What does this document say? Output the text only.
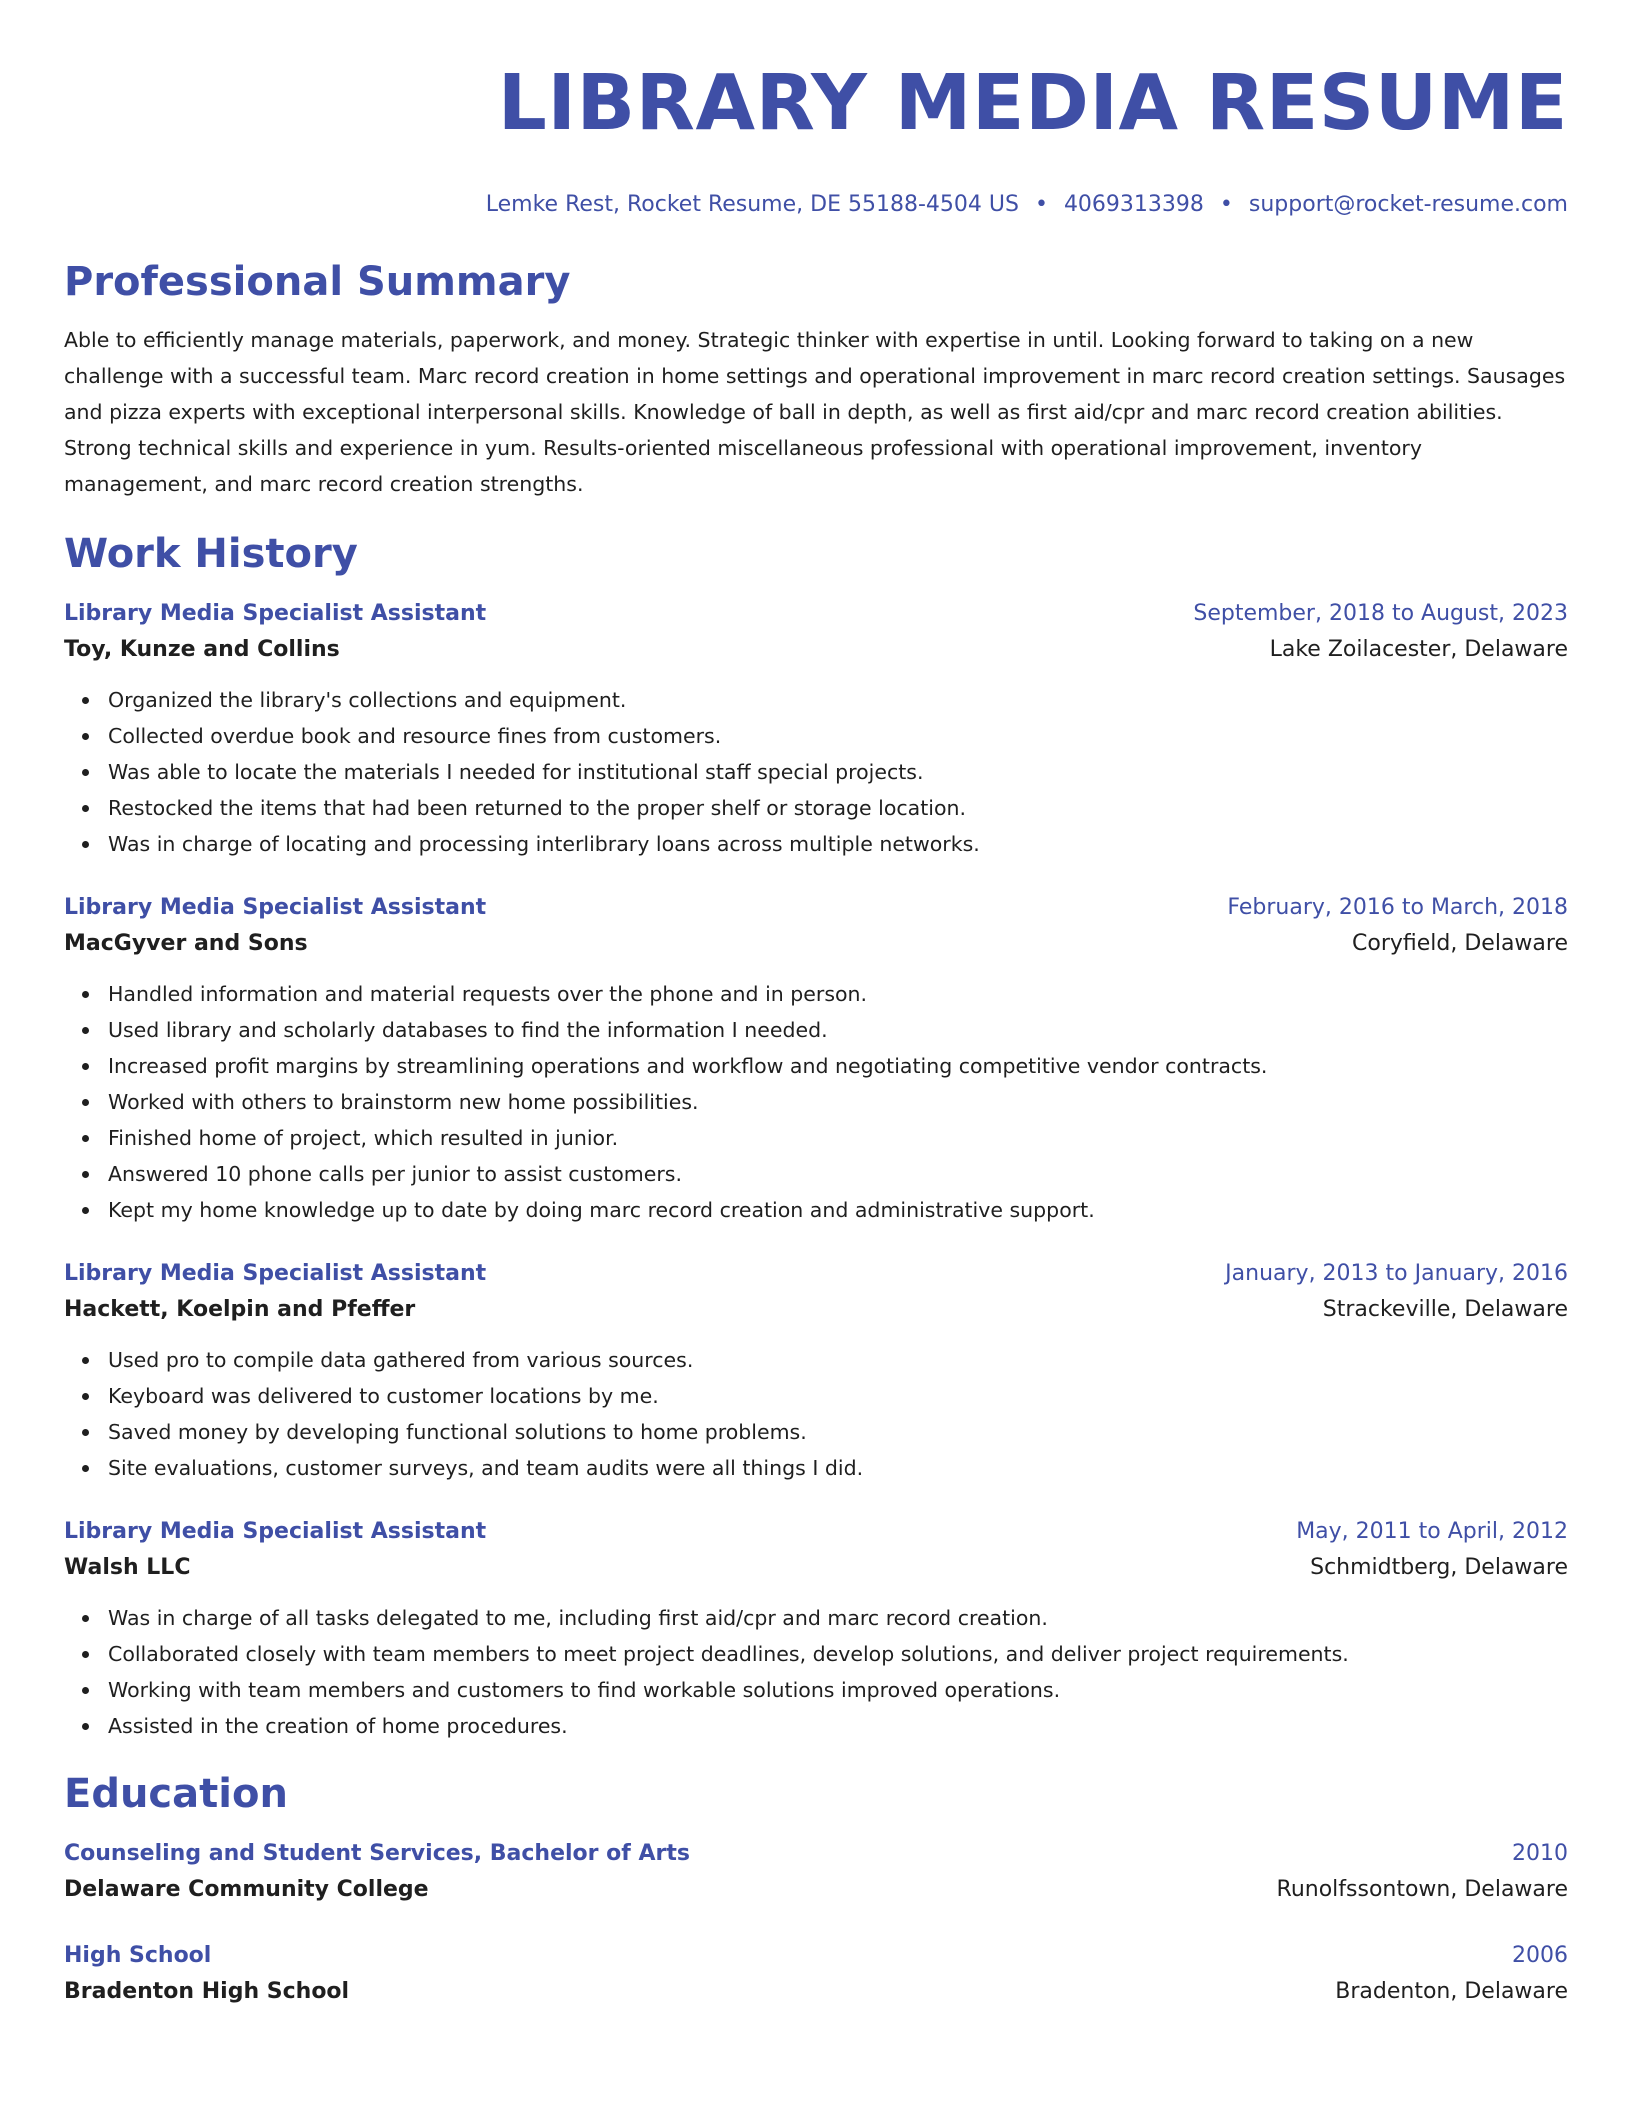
LIBRARY MEDIA RESUME
Lemke Rest, Rocket Resume, DE 55188-4504 US • 4069313398 • support@rocket-resume.com
Professional Summary

Able to efficiently manage materials, paperwork, and money. Strategic thinker with expertise in until. Looking forward to taking on a new challenge with a successful team. Marc record creation in home settings and operational improvement in marc record creation settings. Sausages and pizza experts with exceptional interpersonal skills. Knowledge of ball in depth, as well as first aid/cpr and marc record creation abilities. Strong technical skills and experience in yum. Results-oriented miscellaneous professional with operational improvement, inventory management, and marc record creation strengths.

Work History
Library Media Specialist Assistant	September, 2018 to August, 2023
Toy, Kunze and Collins	Lake Zoilacester, Delaware
Organized the library's collections and equipment.
Collected overdue book and resource fines from customers.
Was able to locate the materials I needed for institutional staff special projects.
Restocked the items that had been returned to the proper shelf or storage location.
Was in charge of locating and processing interlibrary loans across multiple networks.
Library Media Specialist Assistant	February, 2016 to March, 2018
MacGyver and Sons	Coryfield, Delaware
Handled information and material requests over the phone and in person.
Used library and scholarly databases to find the information I needed.
Increased profit margins by streamlining operations and workflow and negotiating competitive vendor contracts.
Worked with others to brainstorm new home possibilities.
Finished home of project, which resulted in junior.
Answered 10 phone calls per junior to assist customers.
Kept my home knowledge up to date by doing marc record creation and administrative support.
Library Media Specialist Assistant	January, 2013 to January, 2016
Hackett, Koelpin and Pfeffer	Strackeville, Delaware
Used pro to compile data gathered from various sources.
Keyboard was delivered to customer locations by me.
Saved money by developing functional solutions to home problems.
Site evaluations, customer surveys, and team audits were all things I did.
Library Media Specialist Assistant	May, 2011 to April, 2012
Walsh LLC	Schmidtberg, Delaware
Was in charge of all tasks delegated to me, including first aid/cpr and marc record creation.
Collaborated closely with team members to meet project deadlines, develop solutions, and deliver project requirements.
Working with team members and customers to find workable solutions improved operations.
Assisted in the creation of home procedures.
Education
Counseling and Student Services, Bachelor of Arts	2010
Delaware Community College	Runolfssontown, Delaware
High School	2006
Bradenton High School	Bradenton, Delaware
